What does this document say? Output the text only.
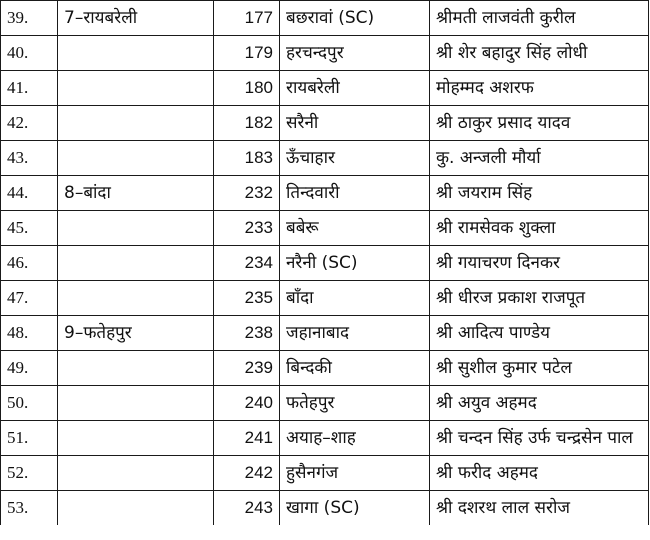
39.	7–रायबरेली	177	बछरावां (SC)	श्रीमती लाजवंती कुरील
40.		179	हरचन्दपुर	श्री शेर बहादुर सिंह लोधी
41.		180	रायबरेली	मोहम्मद अशरफ
42.		182	सरैनी	श्री ठाकुर प्रसाद यादव
43.		183	ऊँचाहार	कु. अन्जली मौर्या
44.	8–बांदा	232	तिन्दवारी	श्री जयराम सिंह
45.		233	बबेरू	श्री रामसेवक शुक्ला
46.		234	नरैनी (SC)	श्री गयाचरण दिनकर
47.		235	बाँदा	श्री धीरज प्रकाश राजपूत
48.	9–फतेहपुर	238	जहानाबाद	श्री आदित्य पाण्डेय
49.		239	बिन्दकी	श्री सुशील कुमार पटेल
50.		240	फतेहपुर	श्री अयुव अहमद
51.		241	अयाह–शाह	श्री चन्दन सिंह उर्फ चन्द्रसेन पाल
52.		242	हुसैनगंज	श्री फरीद अहमद
53.		243	खागा (SC)	श्री दशरथ लाल सरोज
